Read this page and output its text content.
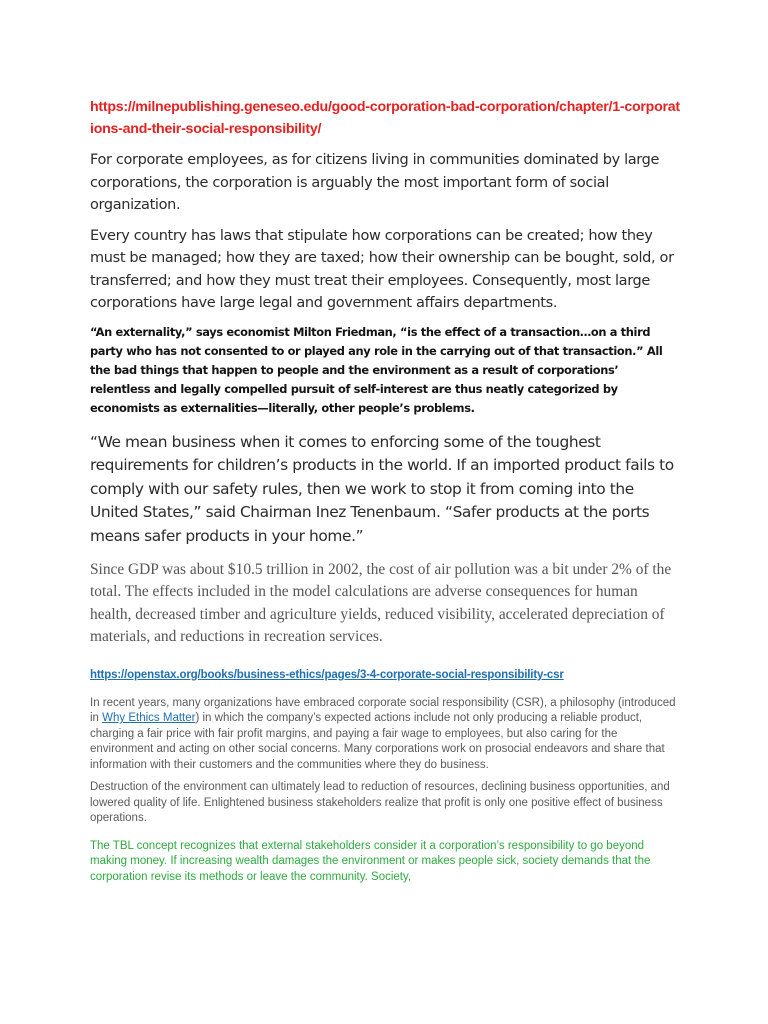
https://milnepublishing.geneseo.edu/good-corporation-bad-corporation/chapter/1-corporations-and-their-social-responsibility/

For corporate employees, as for citizens living in communities dominated by large corporations, the corporation is arguably the most important form of social organization.

Every country has laws that stipulate how corporations can be created; how they must be managed; how they are taxed; how their ownership can be bought, sold, or transferred; and how they must treat their employees. Consequently, most large corporations have large legal and government affairs departments.

“An externality,” says economist Milton Friedman, “is the effect of a transaction…on a third party who has not consented to or played any role in the carrying out of that transaction.” All the bad things that happen to people and the environment as a result of corporations’ relentless and legally compelled pursuit of self-interest are thus neatly categorized by economists as externalities—literally, other people’s problems.

“We mean business when it comes to enforcing some of the toughest requirements for children’s products in the world. If an imported product fails to comply with our safety rules, then we work to stop it from coming into the United States,” said Chairman Inez Tenenbaum. “Safer products at the ports means safer products in your home.”

Since GDP was about $10.5 trillion in 2002, the cost of air pollution was a bit under 2% of the total. The effects included in the model calculations are adverse consequences for human health, decreased timber and agriculture yields, reduced visibility, accelerated depreciation of materials, and reductions in recreation services.

https://openstax.org/books/business-ethics/pages/3-4-corporate-social-responsibility-csr

In recent years, many organizations have embraced corporate social responsibility (CSR), a philosophy (introduced in Why Ethics Matter) in which the company’s expected actions include not only producing a reliable product, charging a fair price with fair profit margins, and paying a fair wage to employees, but also caring for the environment and acting on other social concerns. Many corporations work on prosocial endeavors and share that information with their customers and the communities where they do business.

Destruction of the environment can ultimately lead to reduction of resources, declining business opportunities, and lowered quality of life. Enlightened business stakeholders realize that profit is only one positive effect of business operations.

The TBL concept recognizes that external stakeholders consider it a corporation’s responsibility to go beyond making money. If increasing wealth damages the environment or makes people sick, society demands that the corporation revise its methods or leave the community. Society,
